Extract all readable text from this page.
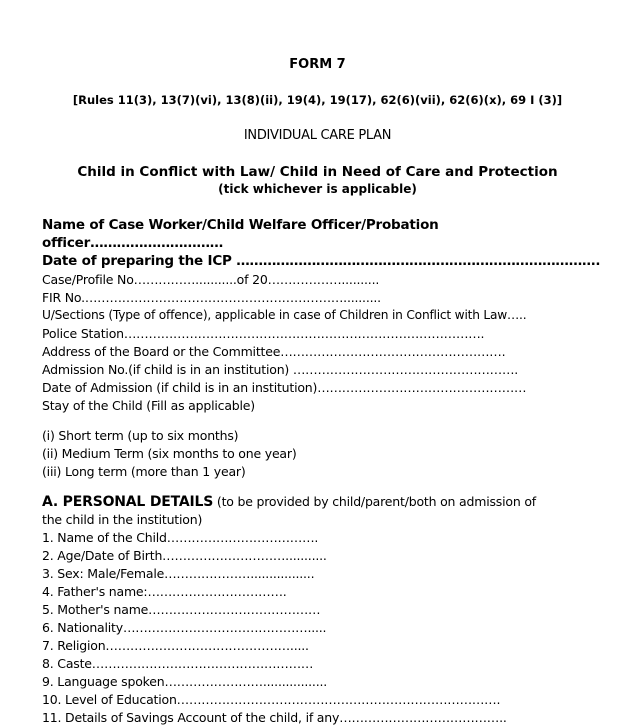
FORM 7
[Rules 11(3), 13(7)(vi), 13(8)(ii), 19(4), 19(17), 62(6)(vii), 62(6)(x), 69 I (3)]
INDIVIDUAL CARE PLAN
Child in Conflict with Law/ Child in Need of Care and Protection
(tick whichever is applicable)
Name of Case Worker/Child Welfare Officer/Probation
officer…………………………
Date of preparing the ICP ……………………………………………………………………….
Case/Profile No……………...........of 20………………..........
FIR No.………………………………………………………..........
U/Sections (Type of offence), applicable in case of Children in Conflict with Law…..
Police Station…………………………………………………………………………….
Address of the Board or the Committee……………………………………………….
Admission No.(if child is in an institution) ……………………………………………….
Date of Admission (if child is in an institution)……………………………………………
Stay of the Child (Fill as applicable)
(i) Short term (up to six months)
(ii) Medium Term (six months to one year)
(iii) Long term (more than 1 year)
A. PERSONAL DETAILS (to be provided by child/parent/both on admission of
the child in the institution)
1. Name of the Child……………………………….
2. Age/Date of Birth…………………………...........
3. Sex: Male/Female………………….................
4. Father's name:…………………………….
5. Mother's name……………………………………
6. Nationality……………………………………….....
7. Religion……………………………………….....
8. Caste………………………………………………
9. Language spoken…………………….................
10. Level of Education…………………………………………………………………….
11. Details of Savings Account of the child, if any…………………………………..
